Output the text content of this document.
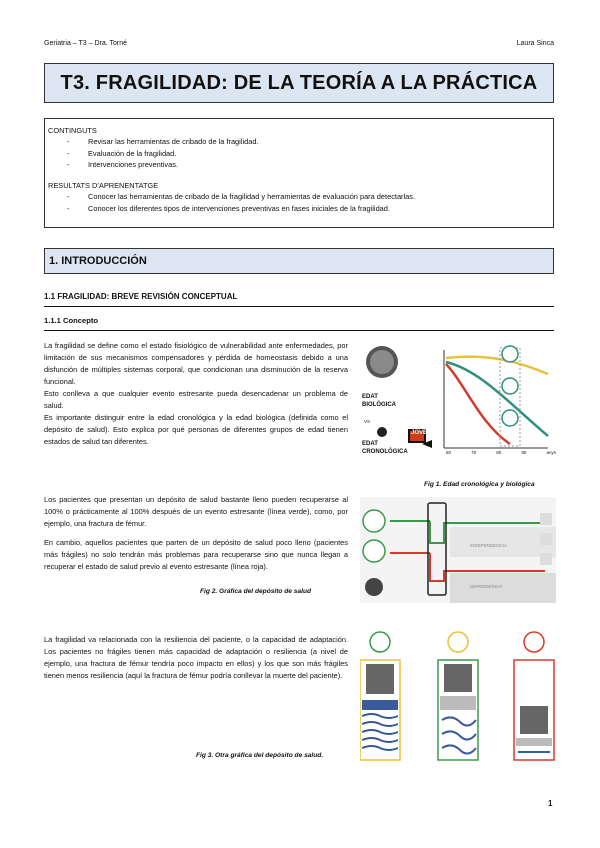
Geriatria – T3 – Dra. Torné	Laura Sinca
T3. FRAGILIDAD: DE LA TEORÍA A LA PRÁCTICA
CONTINGUTS
- Revisar las herramientas de cribado de la fragilidad.
- Evaluación de la fragilidad.
- Intervenciones preventivas.
RESULTATS D’APRENENTATGE
- Conocer las herramientas de cribado de la fragilidad y herramientas de evaluación para detectarlas.
- Conocer los diferentes tipos de intervenciones preventivas en fases iniciales de la fragilidad.
1. INTRODUCCIÓN
1.1 FRAGILIDAD: BREVE REVISIÓN CONCEPTUAL
1.1.1 Concepto
La fragilidad se define como el estado fisiológico de vulnerabilidad ante enfermedades, por limitación de sus mecanismos compensadores y pérdida de homeostasis debido a una disfunción de múltiples sistemas corporal, que condicionan una disminución de la reserva funcional.
Esto conlleva a que cualquier evento estresante pueda desencadenar un problema de salud.
Es importante distinguir entre la edad cronológica y la edad biológica (definida como el depósito de salud). Esto explica por qué personas de diferentes grupos de edad tienen estados de salud tan diferentes.
EDAT BIOLÒGICA
VS
EDAT CRONOLÒGICA
JOVE
60	70	80	90	anys
Fig 1. Edad cronológica y biológica
Los pacientes que presentan un depósito de salud bastante lleno pueden recuperarse al 100% o prácticamente al 100% después de un evento estresante (línea verde), como, por ejemplo, una fractura de fémur.
En cambio, aquellos pacientes que parten de un depósito de salud poco lleno (pacientes más frágiles) no solo tendrán más problemas para recuperarse sino que nunca llegan a recuperar el estado de salud previo al evento estresante (línea roja).
Fig 2. Gráfica del depósito de salud
INDEPENDENCIA
DEPENDENCIA
La fragilidad va relacionada con la resiliencia del paciente, o la capacidad de adaptación. Los pacientes no frágiles tienen más capacidad de adaptación o resiliencia (a nivel de ejemplo, una fractura de fémur tendría poco impacto en ellos) y los que son más frágiles tienen menos resiliencia (aquí la fractura de fémur podría conllevar la muerte del paciente).
Fig 3. Otra gráfica del depósito de salud.
1
